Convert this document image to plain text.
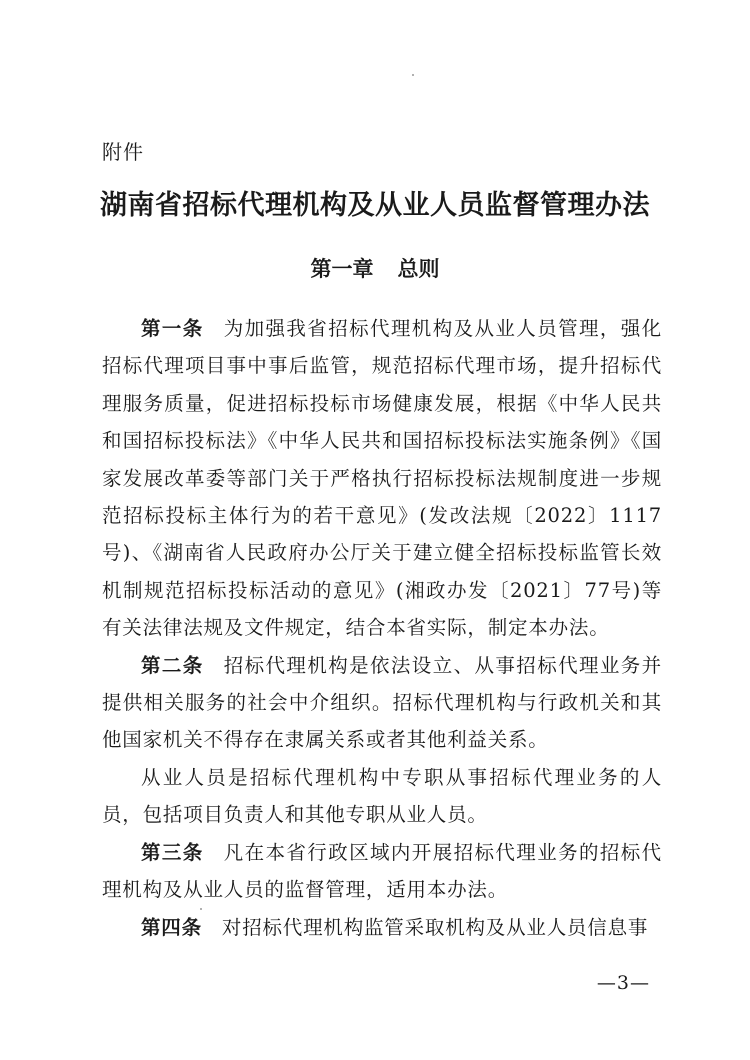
附件
湖南省招标代理机构及从业人员监督管理办法
第一章 总则

第一条 为加强我省招标代理机构及从业人员管理，强化招标代理项目事中事后监管，规范招标代理市场，提升招标代理服务质量，促进招标投标市场健康发展，根据《中华人民共和国招标投标法》《中华人民共和国招标投标法实施条例》《国家发展改革委等部门关于严格执行招标投标法规制度进一步规范招标投标主体行为的若干意见》(发改法规〔2022〕1117号)、《湖南省人民政府办公厅关于建立健全招标投标监管长效机制规范招标投标活动的意见》(湘政办发〔2021〕77号)等有关法律法规及文件规定，结合本省实际，制定本办法。

第二条 招标代理机构是依法设立、从事招标代理业务并提供相关服务的社会中介组织。招标代理机构与行政机关和其他国家机关不得存在隶属关系或者其他利益关系。

从业人员是招标代理机构中专职从事招标代理业务的人员，包括项目负责人和其他专职从业人员。

第三条 凡在本省行政区域内开展招标代理业务的招标代理机构及从业人员的监督管理，适用本办法。

第四条 对招标代理机构监管采取机构及从业人员信息事

—3—
